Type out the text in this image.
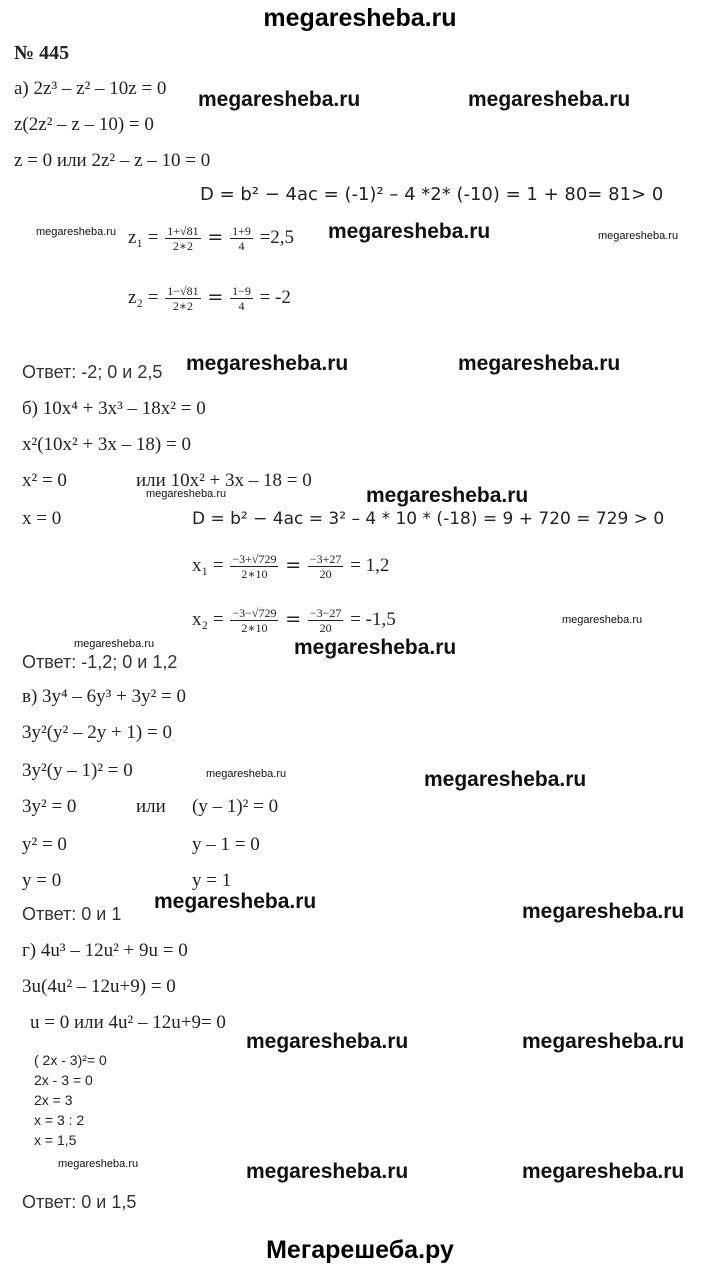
megaresheba.ru
Мегарешеба.ру
№ 445
а) 2z³ – z² – 10z = 0
z(2z² – z – 10) = 0
z = 0 или 2z² – z – 10 = 0
D = b² − 4ac = (-1)² – 4 *2* (-10) = 1 + 80= 81> 0
$z_1 = \frac{1+√81}{2∗2} = \frac{1+9}{4} =2,5$
$z_2 = \frac{1-√81}{2∗2} = \frac{1-9}{4} = -2$
Ответ: -2; 0 и 2,5
б) 10x⁴ + 3x³ – 18x² = 0
x²(10x² + 3x – 18) = 0
x² = 0	или 10x² + 3x – 18 = 0
x = 0	D = b² − 4ac = 3² – 4 * 10 * (-18) = 9 + 720 = 729 > 0
$x_1 = \frac{-3+√729}{2∗10} = \frac{-3+27}{20} = 1,2$
$x_2 = \frac{-3-√729}{2∗10} = \frac{-3-27}{20} = -1,5$
Ответ: -1,2; 0 и 1,2
в) 3y⁴ – 6y³ + 3y² = 0
3y²(y² – 2y + 1) = 0
3y²(y – 1)² = 0
3y² = 0	или (y – 1)² = 0
y² = 0	y – 1 = 0
y = 0	y = 1
Ответ: 0 и 1
г) 4u³ – 12u² + 9u = 0
3u(4u² – 12u+9) = 0
u = 0 или 4u² – 12u+9= 0
( 2x - 3)²= 0
2x - 3 = 0
2x = 3
x = 3 : 2
x = 1,5
Ответ: 0 и 1,5
megaresheba.ru	megaresheba.ru
megaresheba.ru
megaresheba.ru	megaresheba.ru
megaresheba.ru
megaresheba.ru
megaresheba.ru
megaresheba.ru	megaresheba.ru
megaresheba.ru	megaresheba.ru
megaresheba.ru	megaresheba.ru
megaresheba.ru	megaresheba.ru
megaresheba.ru
megaresheba.ru
megaresheba.ru
megaresheba.ru
megaresheba.ru
